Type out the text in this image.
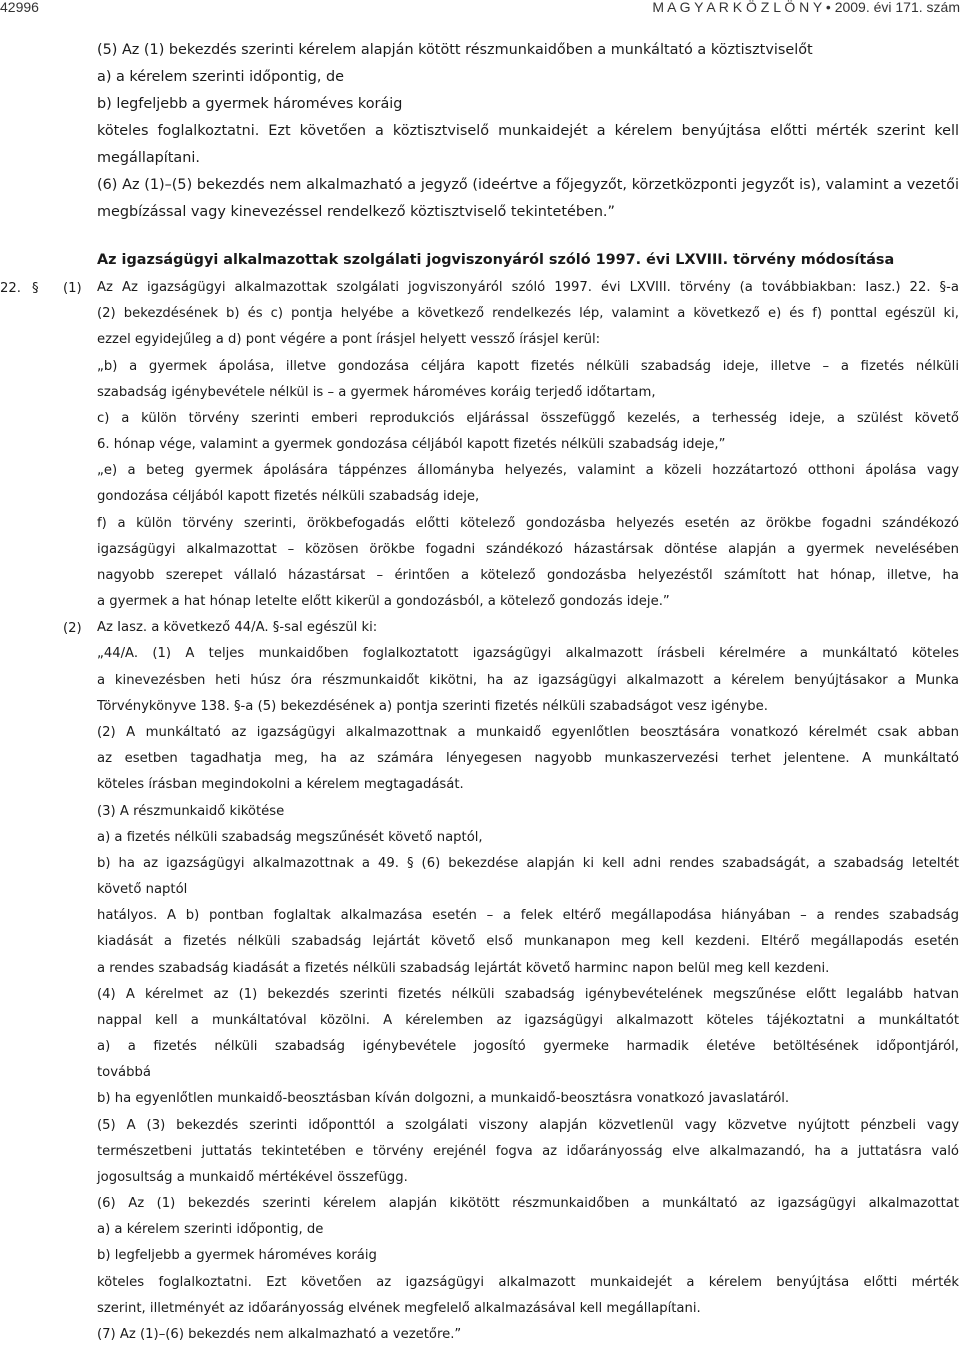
42996	M A G Y A R K Ö Z L Ö N Y • 2009. évi 171. szám
(5) Az (1) bekezdés szerinti kérelem alapján kötött részmunkaidőben a munkáltató a köztisztviselőt
a) a kérelem szerinti időpontig, de
b) legfeljebb a gyermek hároméves koráig
köteles foglalkoztatni. Ezt követően a köztisztviselő munkaidejét a kérelem benyújtása előtti mérték szerint kell
megállapítani.
(6) Az (1)–(5) bekezdés nem alkalmazható a jegyző (ideértve a főjegyzőt, körzetközponti jegyzőt is), valamint a vezetői
megbízással vagy kinevezéssel rendelkező köztisztviselő tekintetében.”
Az igazságügyi alkalmazottak szolgálati jogviszonyáról szóló 1997. évi LXVIII. törvény módosítása
22. §	Az Az igazságügyi alkalmazottak szolgálati jogviszonyáról szóló 1997. évi LXVIII. törvény (a továbbiakban: Iasz.) 22. §-a
(1)
(2) bekezdésének b) és c) pontja helyébe a következő rendelkezés lép, valamint a következő e) és f) ponttal egészül ki,
ezzel egyidejűleg a d) pont végére a pont írásjel helyett vessző írásjel kerül:
„b) a gyermek ápolása, illetve gondozása céljára kapott fizetés nélküli szabadság ideje, illetve – a fizetés nélküli
szabadság igénybevétele nélkül is – a gyermek hároméves koráig terjedő időtartam,
c) a külön törvény szerinti emberi reprodukciós eljárással összefüggő kezelés, a terhesség ideje, a szülést követő
6. hónap vége, valamint a gyermek gondozása céljából kapott fizetés nélküli szabadság ideje,”
„e) a beteg gyermek ápolására táppénzes állományba helyezés, valamint a közeli hozzátartozó otthoni ápolása vagy
gondozása céljából kapott fizetés nélküli szabadság ideje,
f) a külön törvény szerinti, örökbefogadás előtti kötelező gondozásba helyezés esetén az örökbe fogadni szándékozó
igazságügyi alkalmazottat – közösen örökbe fogadni szándékozó házastársak döntése alapján a gyermek nevelésében
nagyobb szerepet vállaló házastársat – érintően a kötelező gondozásba helyezéstől számított hat hónap, illetve, ha
a gyermek a hat hónap letelte előtt kikerül a gondozásból, a kötelező gondozás ideje.”
Az Iasz. a következő 44/A. §-sal egészül ki:
(2)
„44/A. (1) A teljes munkaidőben foglalkoztatott igazságügyi alkalmazott írásbeli kérelmére a munkáltató köteles
a kinevezésben heti húsz óra részmunkaidőt kikötni, ha az igazságügyi alkalmazott a kérelem benyújtásakor a Munka
Törvénykönyve 138. §-a (5) bekezdésének a) pontja szerinti fizetés nélküli szabadságot vesz igénybe.
(2) A munkáltató az igazságügyi alkalmazottnak a munkaidő egyenlőtlen beosztására vonatkozó kérelmét csak abban
az esetben tagadhatja meg, ha az számára lényegesen nagyobb munkaszervezési terhet jelentene. A munkáltató
köteles írásban megindokolni a kérelem megtagadását.
(3) A részmunkaidő kikötése
a) a fizetés nélküli szabadság megszűnését követő naptól,
b) ha az igazságügyi alkalmazottnak a 49. § (6) bekezdése alapján ki kell adni rendes szabadságát, a szabadság leteltét
követő naptól
hatályos. A b) pontban foglaltak alkalmazása esetén – a felek eltérő megállapodása hiányában – a rendes szabadság
kiadását a fizetés nélküli szabadság lejártát követő első munkanapon meg kell kezdeni. Eltérő megállapodás esetén
a rendes szabadság kiadását a fizetés nélküli szabadság lejártát követő harminc napon belül meg kell kezdeni.
(4) A kérelmet az (1) bekezdés szerinti fizetés nélküli szabadság igénybevételének megszűnése előtt legalább hatvan
nappal kell a munkáltatóval közölni. A kérelemben az igazságügyi alkalmazott köteles tájékoztatni a munkáltatót
a) a fizetés nélküli szabadság igénybevétele jogosító gyermeke harmadik életéve betöltésének időpontjáról,
továbbá
b) ha egyenlőtlen munkaidő-beosztásban kíván dolgozni, a munkaidő-beosztásra vonatkozó javaslatáról.
(5) A (3) bekezdés szerinti időponttól a szolgálati viszony alapján közvetlenül vagy közvetve nyújtott pénzbeli vagy
természetbeni juttatás tekintetében e törvény erejénél fogva az időarányosság elve alkalmazandó, ha a juttatásra való
jogosultság a munkaidő mértékével összefügg.
(6) Az (1) bekezdés szerinti kérelem alapján kikötött részmunkaidőben a munkáltató az igazságügyi alkalmazottat
a) a kérelem szerinti időpontig, de
b) legfeljebb a gyermek hároméves koráig
köteles foglalkoztatni. Ezt követően az igazságügyi alkalmazott munkaidejét a kérelem benyújtása előtti mérték
szerint, illetményét az időarányosság elvének megfelelő alkalmazásával kell megállapítani.
(7) Az (1)–(6) bekezdés nem alkalmazható a vezetőre.”
